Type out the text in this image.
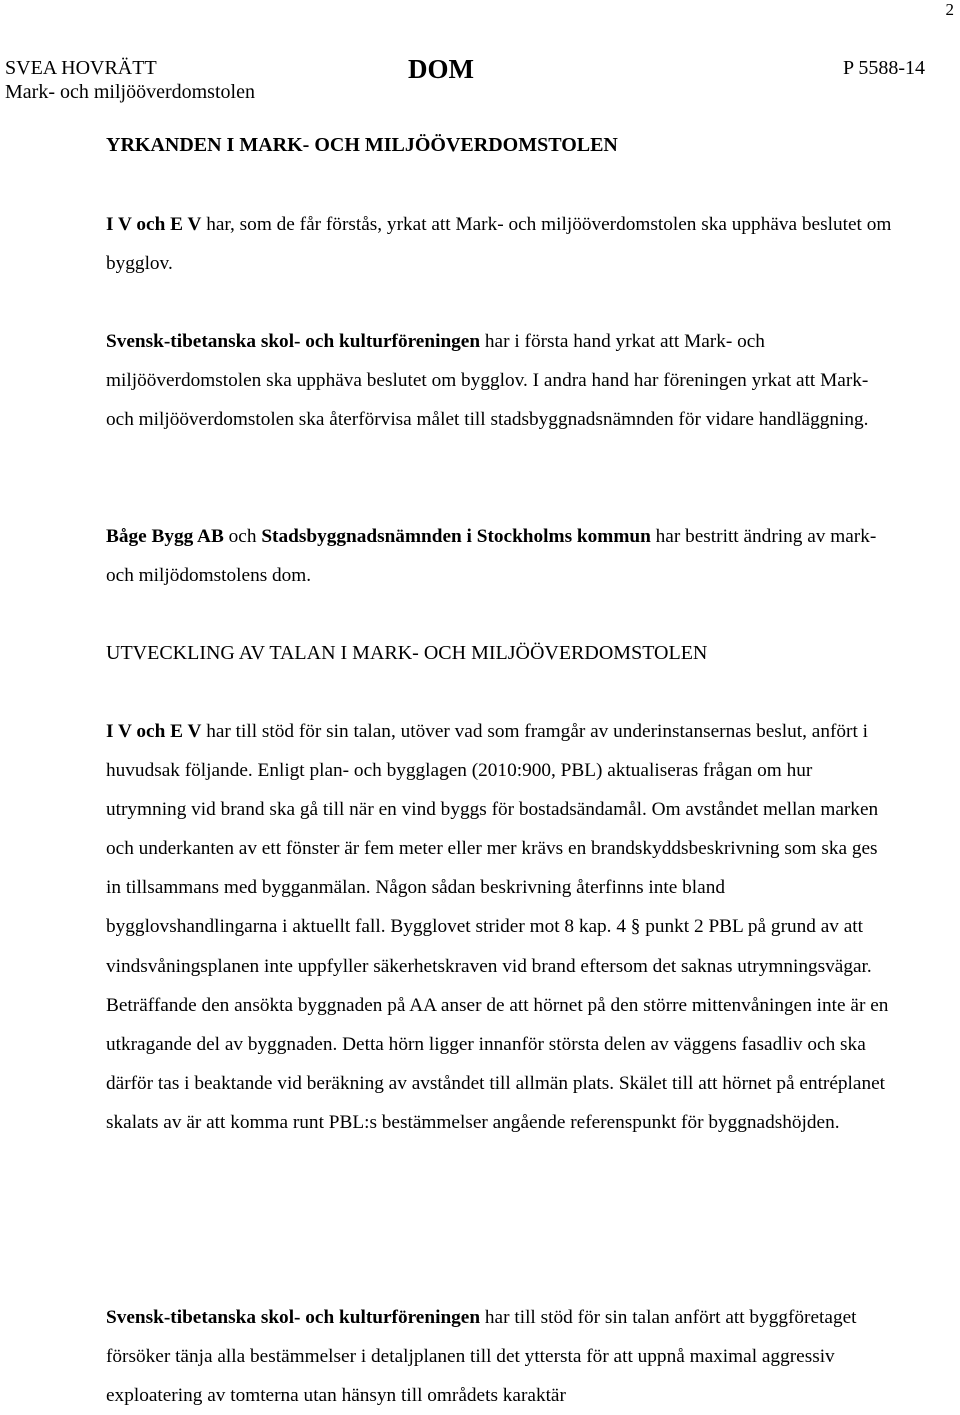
2
SVEA HOVRÄTT
Mark- och miljööverdomstolen
DOM	P 5588-14
YRKANDEN I MARK- OCH MILJÖÖVERDOMSTOLEN

I V och E V har, som de får förstås, yrkat att Mark- och miljööverdomstolen ska upphäva beslutet om bygglov.

Svensk-tibetanska skol- och kulturföreningen har i första hand yrkat att Mark- och miljööverdomstolen ska upphäva beslutet om bygglov. I andra hand har föreningen yrkat att Mark- och miljööverdomstolen ska återförvisa målet till stadsbyggnadsnämnden för vidare handläggning.

Båge Bygg AB och Stadsbyggnadsnämnden i Stockholms kommun har bestritt ändring av mark- och miljödomstolens dom.

UTVECKLING AV TALAN I MARK- OCH MILJÖÖVERDOMSTOLEN

I V och E V har till stöd för sin talan, utöver vad som framgår av underinstansernas beslut, anfört i huvudsak följande. Enligt plan- och bygglagen (2010:900, PBL) aktualiseras frågan om hur utrymning vid brand ska gå till när en vind byggs för bostadsändamål. Om avståndet mellan marken och underkanten av ett fönster är fem meter eller mer krävs en brandskyddsbeskrivning som ska ges in tillsammans med bygganmälan. Någon sådan beskrivning återfinns inte bland bygglovshandlingarna i aktuellt fall. Bygglovet strider mot 8 kap. 4 § punkt 2 PBL på grund av att vindsvåningsplanen inte uppfyller säkerhetskraven vid brand eftersom det saknas utrymningsvägar. Beträffande den ansökta byggnaden på AA anser de att hörnet på den större mittenvåningen inte är en utkragande del av byggnaden. Detta hörn ligger innanför största delen av väggens fasadliv och ska därför tas i beaktande vid beräkning av avståndet till allmän plats. Skälet till att hörnet på entréplanet skalats av är att komma runt PBL:s bestämmelser angående referenspunkt för byggnadshöjden.

Svensk-tibetanska skol- och kulturföreningen har till stöd för sin talan anfört att byggföretaget försöker tänja alla bestämmelser i detaljplanen till det yttersta för att uppnå maximal aggressiv exploatering av tomterna utan hänsyn till områdets karaktär
